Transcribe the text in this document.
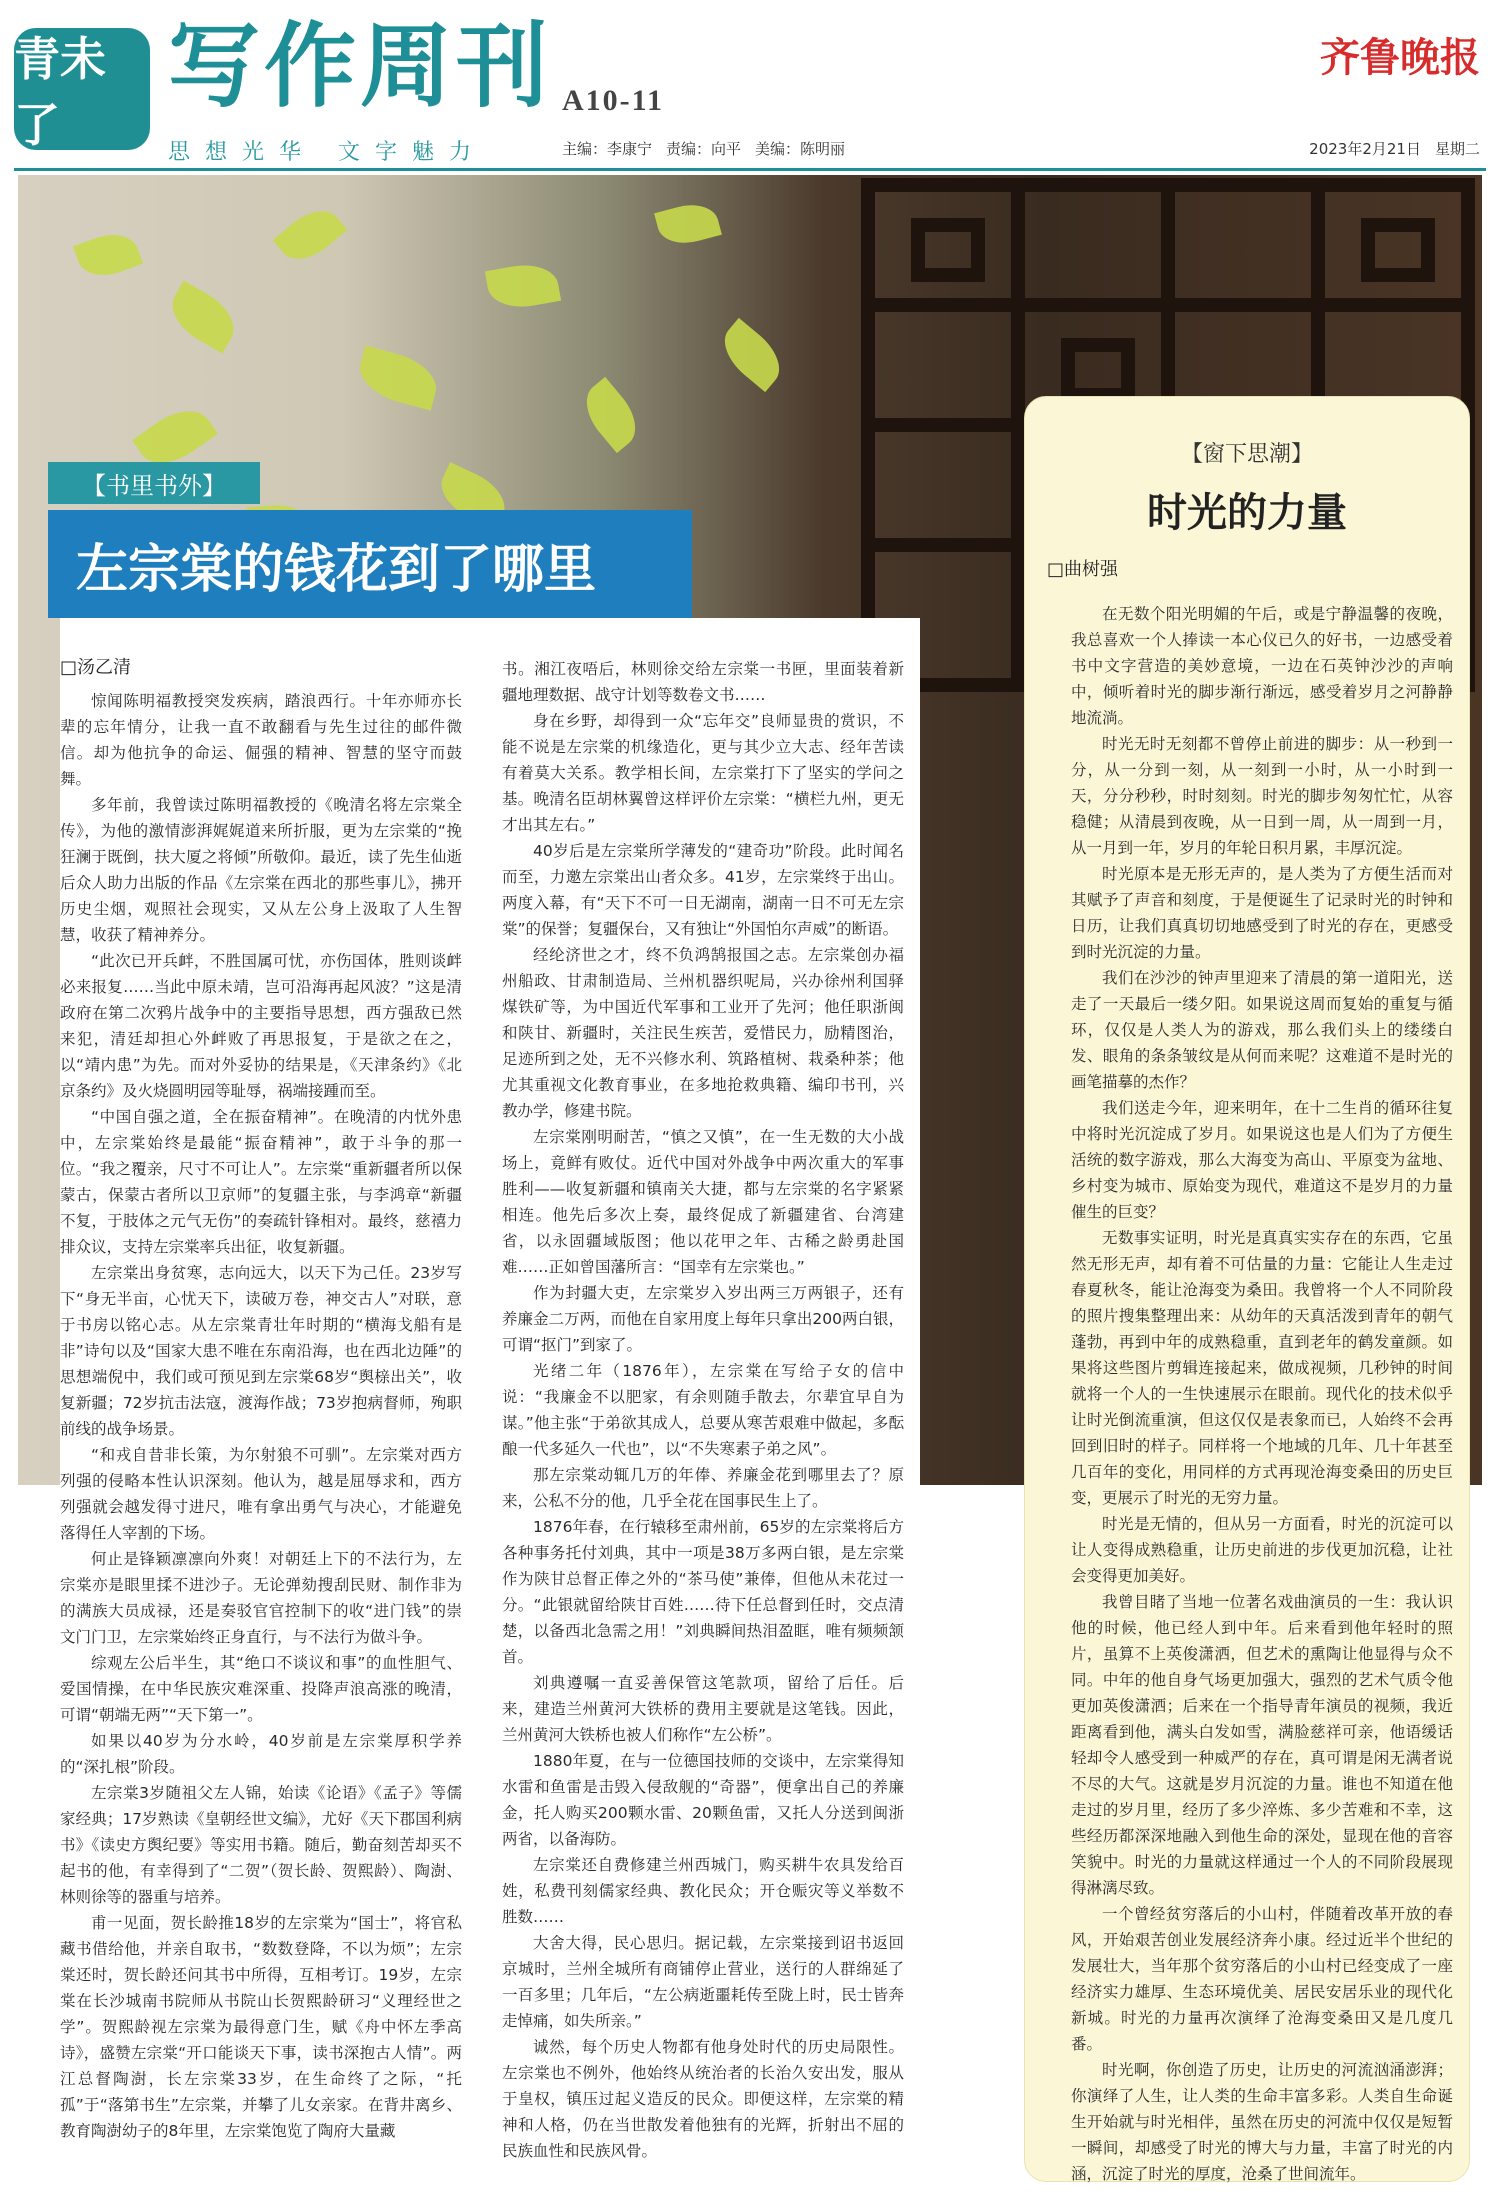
青未了
写作周刊 A10-11
齐鲁晚报
思想光华 文字魅力	主编：李康宁 责编：向平 美编：陈明丽	2023年2月21日 星期二
【书里书外】
左宗棠的钱花到了哪里
□汤乙清

惊闻陈明福教授突发疾病，踏浪西行。十年亦师亦长辈的忘年情分，让我一直不敢翻看与先生过往的邮件微信。却为他抗争的命运、倔强的精神、智慧的坚守而鼓舞。

多年前，我曾读过陈明福教授的《晚清名将左宗棠全传》，为他的激情澎湃娓娓道来所折服，更为左宗棠的“挽狂澜于既倒，扶大厦之将倾”所敬仰。最近，读了先生仙逝后众人助力出版的作品《左宗棠在西北的那些事儿》，拂开历史尘烟，观照社会现实，又从左公身上汲取了人生智慧，收获了精神养分。

“此次已开兵衅，不胜国属可忧，亦伤国体，胜则谈衅必来报复……当此中原未靖，岂可沿海再起风波？”这是清政府在第二次鸦片战争中的主要指导思想，西方强敌已然来犯，清廷却担心外衅败了再思报复，于是欲之在之，以“靖内患”为先。而对外妥协的结果是，《天津条约》《北京条约》及火烧圆明园等耻辱，祸端接踵而至。

“中国自强之道，全在振奋精神”。在晚清的内忧外患中，左宗棠始终是最能“振奋精神”，敢于斗争的那一位。“我之覆亲，尺寸不可让人”。左宗棠“重新疆者所以保蒙古，保蒙古者所以卫京师”的复疆主张，与李鸿章“新疆不复，于肢体之元气无伤”的奏疏针锋相对。最终，慈禧力排众议，支持左宗棠率兵出征，收复新疆。

左宗棠出身贫寒，志向远大，以天下为己任。23岁写下“身无半亩，心忧天下，读破万卷，神交古人”对联，意于书房以铭心志。从左宗棠青壮年时期的“横海戈船有是非”诗句以及“国家大患不唯在东南沿海，也在西北边陲”的思想端倪中，我们或可预见到左宗棠68岁“舆榇出关”，收复新疆；72岁抗击法寇，渡海作战；73岁抱病督师，殉职前线的战争场景。

“和戎自昔非长策，为尔射狼不可驯”。左宗棠对西方列强的侵略本性认识深刻。他认为，越是屈辱求和，西方列强就会越发得寸进尺，唯有拿出勇气与决心，才能避免落得任人宰割的下场。

何止是锋颖凛凛向外爽！对朝廷上下的不法行为，左宗棠亦是眼里揉不进沙子。无论弹劾搜刮民财、制作非为的满族大员成禄，还是奏驳官官控制下的收“进门钱”的崇文门门卫，左宗棠始终正身直行，与不法行为做斗争。

综观左公后半生，其“绝口不谈议和事”的血性胆气、爱国情操，在中华民族灾难深重、投降声浪高涨的晚清，可谓“朝端无两”“天下第一”。

如果以40岁为分水岭，40岁前是左宗棠厚积学养的“深扎根”阶段。

左宗棠3岁随祖父左人锦，始读《论语》《孟子》等儒家经典；17岁熟读《皇朝经世文编》，尤好《天下郡国利病书》《读史方舆纪要》等实用书籍。随后，勤奋刻苦却买不起书的他，有幸得到了“二贺”（贺长龄、贺熙龄）、陶澍、林则徐等的器重与培养。

甫一见面，贺长龄推18岁的左宗棠为“国士”，将官私藏书借给他，并亲自取书，“数数登降，不以为烦”；左宗棠还时，贺长龄还问其书中所得，互相考订。19岁，左宗棠在长沙城南书院师从书院山长贺熙龄研习“义理经世之学”。贺熙龄视左宗棠为最得意门生，赋《舟中怀左季高诗》，盛赞左宗棠“开口能谈天下事，读书深抱古人情”。两江总督陶澍，长左宗棠33岁，在生命终了之际，“托孤”于“落第书生”左宗棠，并攀了儿女亲家。在背井离乡、教育陶澍幼子的8年里，左宗棠饱览了陶府大量藏

书。湘江夜唔后，林则徐交给左宗棠一书匣，里面装着新疆地理数据、战守计划等数卷文书……

身在乡野，却得到一众“忘年交”良师显贵的赏识，不能不说是左宗棠的机缘造化，更与其少立大志、经年苦读有着莫大关系。教学相长间，左宗棠打下了坚实的学问之基。晚清名臣胡林翼曾这样评价左宗棠：“横栏九州，更无才出其左右。”

40岁后是左宗棠所学薄发的“建奇功”阶段。此时闻名而至，力邀左宗棠出山者众多。41岁，左宗棠终于出山。两度入幕，有“天下不可一日无湖南，湖南一日不可无左宗棠”的保誉；复疆保台，又有独让“外国怕尔声威”的断语。

经纶济世之才，终不负鸿鹄报国之志。左宗棠创办福州船政、甘肃制造局、兰州机器织呢局，兴办徐州利国驿煤铁矿等，为中国近代军事和工业开了先河；他任职浙闽和陕甘、新疆时，关注民生疾苦，爱惜民力，励精图治，足迹所到之处，无不兴修水利、筑路植树、栽桑种茶；他尤其重视文化教育事业，在多地抢救典籍、编印书刊，兴教办学，修建书院。

左宗棠刚明耐苦，“慎之又慎”，在一生无数的大小战场上，竟鲜有败仗。近代中国对外战争中两次重大的军事胜利——收复新疆和镇南关大捷，都与左宗棠的名字紧紧相连。他先后多次上奏，最终促成了新疆建省、台湾建省，以永固疆域版图；他以花甲之年、古稀之龄勇赴国难……正如曾国藩所言：“国幸有左宗棠也。”

作为封疆大吏，左宗棠岁入岁出两三万两银子，还有养廉金二万两，而他在自家用度上每年只拿出200两白银，可谓“抠门”到家了。

光绪二年（1876年），左宗棠在写给子女的信中说：“我廉金不以肥家，有余则随手散去，尔辈宜早自为谋。”他主张“于弟欲其成人，总要从寒苦艰难中做起，多酝酿一代多延久一代也”，以“不失寒素子弟之风”。

那左宗棠动辄几万的年俸、养廉金花到哪里去了？原来，公私不分的他，几乎全花在国事民生上了。

1876年春，在行辕移至肃州前，65岁的左宗棠将后方各种事务托付刘典，其中一项是38万多两白银，是左宗棠作为陕甘总督正俸之外的“茶马使”兼俸，但他从未花过一分。“此银就留给陕甘百姓……待下任总督到任时，交点清楚，以备西北急需之用！”刘典瞬间热泪盈眶，唯有频频颔首。

刘典遵嘱一直妥善保管这笔款项，留给了后任。后来，建造兰州黄河大铁桥的费用主要就是这笔钱。因此，兰州黄河大铁桥也被人们称作“左公桥”。

1880年夏，在与一位德国技师的交谈中，左宗棠得知水雷和鱼雷是击毁入侵敌舰的“奇器”，便拿出自己的养廉金，托人购买200颗水雷、20颗鱼雷，又托人分送到闽浙两省，以备海防。

左宗棠还自费修建兰州西城门，购买耕牛农具发给百姓，私费刊刻儒家经典、教化民众；开仓赈灾等义举数不胜数……

大舍大得，民心思归。据记载，左宗棠接到诏书返回京城时，兰州全城所有商铺停止营业，送行的人群绵延了一百多里；几年后，“左公病逝噩耗传至陇上时，民士皆奔走悼痛，如失所亲。”

诚然，每个历史人物都有他身处时代的历史局限性。左宗棠也不例外，他始终从统治者的长治久安出发，服从于皇权，镇压过起义造反的民众。即便这样，左宗棠的精神和人格，仍在当世散发着他独有的光辉，折射出不屈的民族血性和民族风骨。

【窗下思潮】
时光的力量
□曲树强

在无数个阳光明媚的午后，或是宁静温馨的夜晚，我总喜欢一个人捧读一本心仪已久的好书，一边感受着书中文字营造的美妙意境，一边在石英钟沙沙的声响中，倾听着时光的脚步渐行渐远，感受着岁月之河静静地流淌。

时光无时无刻都不曾停止前进的脚步：从一秒到一分，从一分到一刻，从一刻到一小时，从一小时到一天，分分秒秒，时时刻刻。时光的脚步匆匆忙忙，从容稳健；从清晨到夜晚，从一日到一周，从一周到一月，从一月到一年，岁月的年轮日积月累，丰厚沉淀。

时光原本是无形无声的，是人类为了方便生活而对其赋予了声音和刻度，于是便诞生了记录时光的时钟和日历，让我们真真切切地感受到了时光的存在，更感受到时光沉淀的力量。

我们在沙沙的钟声里迎来了清晨的第一道阳光，送走了一天最后一缕夕阳。如果说这周而复始的重复与循环，仅仅是人类人为的游戏，那么我们头上的缕缕白发、眼角的条条皱纹是从何而来呢？这难道不是时光的画笔描摹的杰作？

我们送走今年，迎来明年，在十二生肖的循环往复中将时光沉淀成了岁月。如果说这也是人们为了方便生活统的数字游戏，那么大海变为高山、平原变为盆地、乡村变为城市、原始变为现代，难道这不是岁月的力量催生的巨变？

无数事实证明，时光是真真实实存在的东西，它虽然无形无声，却有着不可估量的力量：它能让人生走过春夏秋冬，能让沧海变为桑田。我曾将一个人不同阶段的照片搜集整理出来：从幼年的天真活泼到青年的朝气蓬勃，再到中年的成熟稳重，直到老年的鹤发童颜。如果将这些图片剪辑连接起来，做成视频，几秒钟的时间就将一个人的一生快速展示在眼前。现代化的技术似乎让时光倒流重演，但这仅仅是表象而已，人始终不会再回到旧时的样子。同样将一个地域的几年、几十年甚至几百年的变化，用同样的方式再现沧海变桑田的历史巨变，更展示了时光的无穷力量。

时光是无情的，但从另一方面看，时光的沉淀可以让人变得成熟稳重，让历史前进的步伐更加沉稳，让社会变得更加美好。

我曾目睹了当地一位著名戏曲演员的一生：我认识他的时候，他已经人到中年。后来看到他年轻时的照片，虽算不上英俊潇洒，但艺术的熏陶让他显得与众不同。中年的他自身气场更加强大，强烈的艺术气质令他更加英俊潇洒；后来在一个指导青年演员的视频，我近距离看到他，满头白发如雪，满脸慈祥可亲，他语缓话轻却令人感受到一种威严的存在，真可谓是闲无满者说不尽的大气。这就是岁月沉淀的力量。谁也不知道在他走过的岁月里，经历了多少淬炼、多少苦难和不幸，这些经历都深深地融入到他生命的深处，显现在他的音容笑貌中。时光的力量就这样通过一个人的不同阶段展现得淋漓尽致。

一个曾经贫穷落后的小山村，伴随着改革开放的春风，开始艰苦创业发展经济奔小康。经过近半个世纪的发展壮大，当年那个贫穷落后的小山村已经变成了一座经济实力雄厚、生态环境优美、居民安居乐业的现代化新城。时光的力量再次演绎了沧海变桑田又是几度几番。

时光啊，你创造了历史，让历史的河流汹涌澎湃；你演绎了人生，让人类的生命丰富多彩。人类自生命诞生开始就与时光相伴，虽然在历史的河流中仅仅是短暂一瞬间，却感受了时光的博大与力量，丰富了时光的内涵，沉淀了时光的厚度，沧桑了世间流年。
